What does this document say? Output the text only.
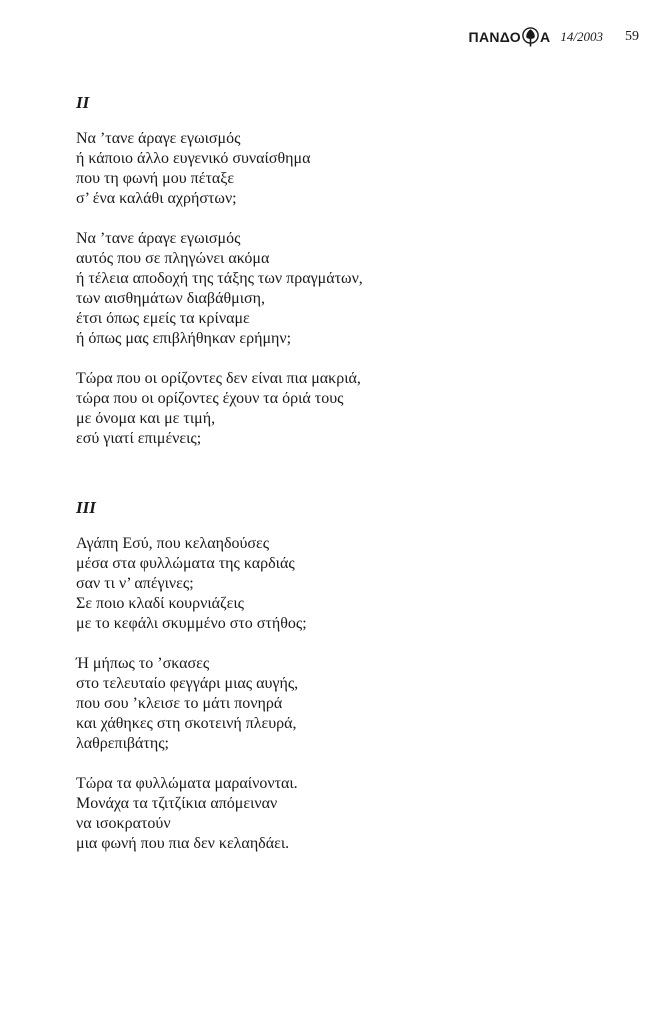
ΠΑΝΔΟ Α 14/2003 59
II
Να ’τανε άραγε εγωισμός
ή κάποιο άλλο ευγενικό συναίσθημα
που τη φωνή μου πέταξε
σ’ ένα καλάθι αχρήστων;
Να ’τανε άραγε εγωισμός
αυτός που σε πληγώνει ακόμα
ή τέλεια αποδοχή της τάξης των πραγμάτων,
των αισθημάτων διαβάθμιση,
έτσι όπως εμείς τα κρίναμε
ή όπως μας επιβλήθηκαν ερήμην;
Τώρα που οι ορίζοντες δεν είναι πια μακριά,
τώρα που οι ορίζοντες έχουν τα όριά τους
με όνομα και με τιμή,
εσύ γιατί επιμένεις;
III
Αγάπη Εσύ, που κελαηδούσες
μέσα στα φυλλώματα της καρδιάς
σαν τι ν’ απέγινες;
Σε ποιο κλαδί κουρνιάζεις
με το κεφάλι σκυμμένο στο στήθος;
Ή μήπως το ’σκασες
στο τελευταίο φεγγάρι μιας αυγής,
που σου ’κλεισε το μάτι πονηρά
και χάθηκες στη σκοτεινή πλευρά,
λαθρεπιβάτης;
Τώρα τα φυλλώματα μαραίνονται.
Μονάχα τα τζιτζίκια απόμειναν
να ισοκρατούν
μια φωνή που πια δεν κελαηδάει.
